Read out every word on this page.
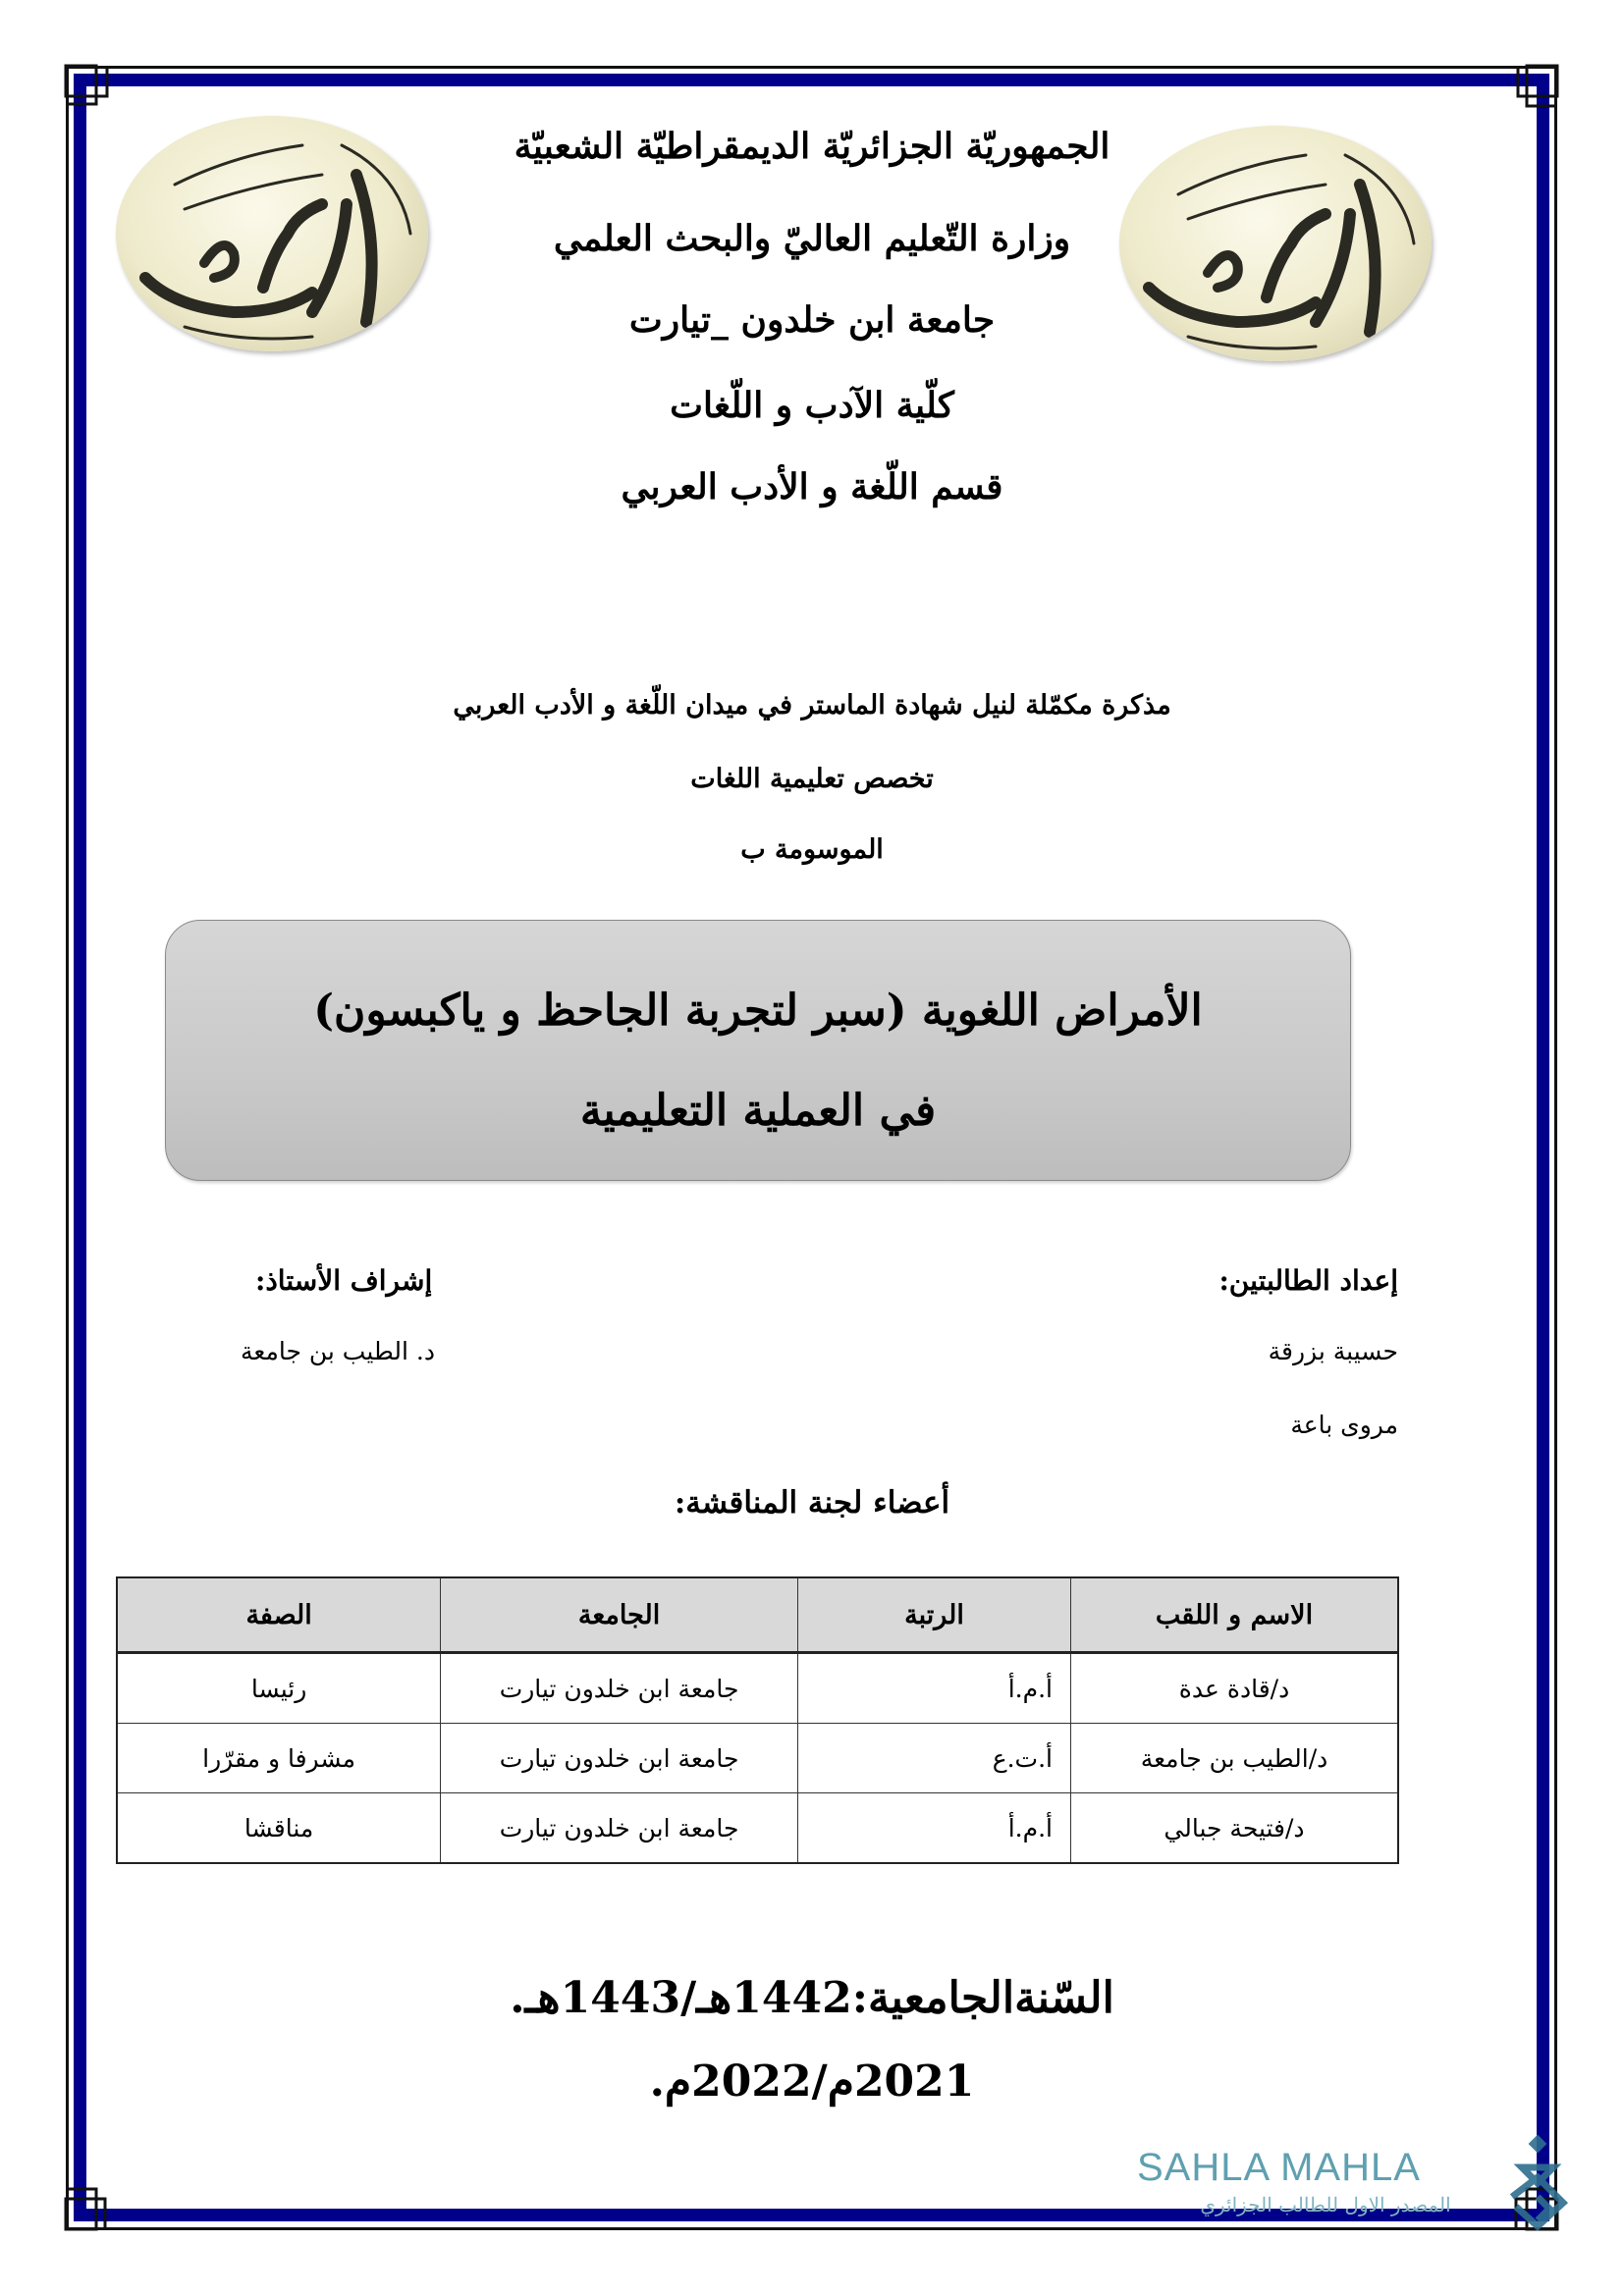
الجمهوريّة الجزائريّة الديمقراطيّة الشعبيّة
وزارة التّعليم العاليّ والبحث العلمي
جامعة ابن خلدون _تيارت
كلّية الآدب و اللّغات
قسم اللّغة و الأدب العربي
مذكرة مكمّلة لنيل شهادة الماستر في ميدان اللّغة و الأدب العربي
تخصص تعليمية اللغات
الموسومة ب
الأمراض اللغوية (سبر لتجربة الجاحظ و ياكبسون)
في العملية التعليمية
إعداد الطالبتين:
إشراف الأستاذ:
حسيبة بزرقة
مروى باعة
د. الطيب بن جامعة
أعضاء لجنة المناقشة:
الاسم و اللقب	الرتبة	الجامعة	الصفة
د/قادة عدة	أ.م.أ	جامعة ابن خلدون تيارت	رئيسا
د/الطيب بن جامعة	أ.ت.ع	جامعة ابن خلدون تيارت	مشرفا و مقرّرا
د/فتيحة جبالي	أ.م.أ	جامعة ابن خلدون تيارت	مناقشا
السّنةالجامعية:1442هـ/1443هـ.
2021م/2022م.
SAHLA MAHLA
المصدر الاول للطالب الجزائري
